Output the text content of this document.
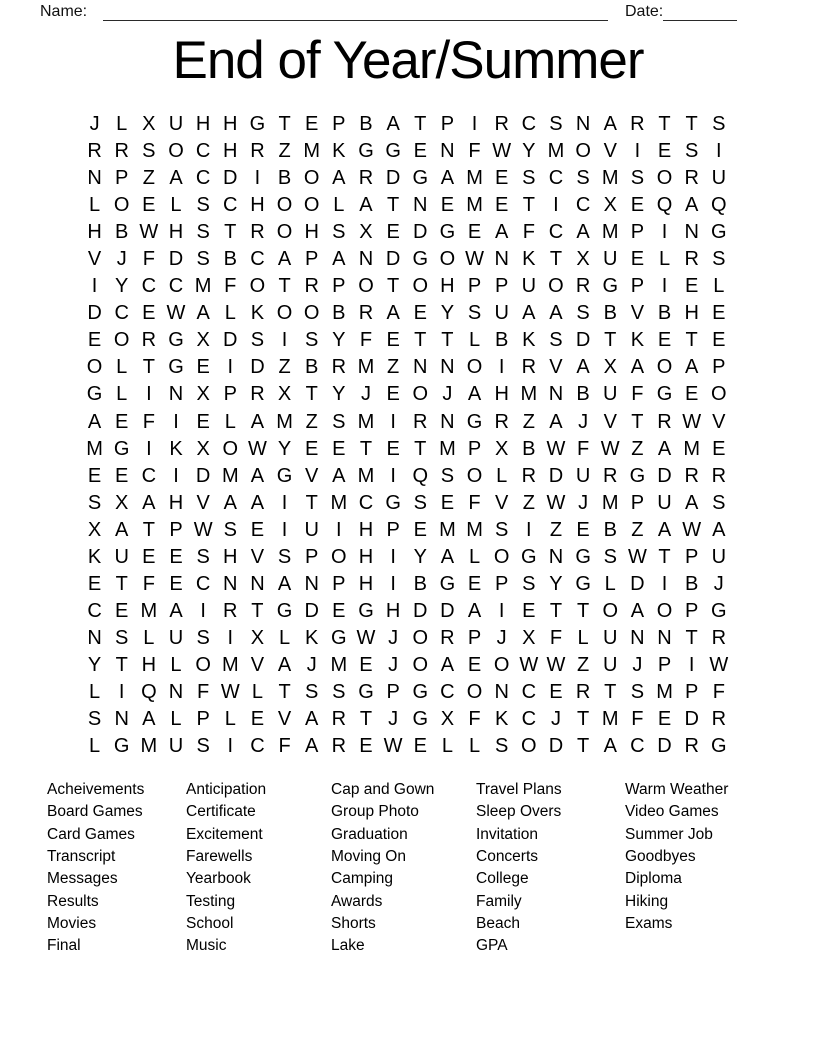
Name:	Date:
End of Year/Summer
J L X U H H G T E P B A T P I R C S N A R T T S
R R S O C H R Z M K G G E N F W Y M O V I E S I
N P Z A C D I B O A R D G A M E S C S M S O R U
L O E L S C H O O L A T N E M E T I C X E Q A Q
H B W H S T R O H S X E D G E A F C A M P I N G
V J F D S B C A P A N D G O W N K T X U E L R S
I Y C C M F O T R P O T O H P P U O R G P I E L
D C E W A L K O O B R A E Y S U A A S B V B H E
E O R G X D S I S Y F E T T L B K S D T K E T E
O L T G E I D Z B R M Z N N O I R V A X A O A P
G L I N X P R X T Y J E O J A H M N B U F G E O
A E F I E L A M Z S M I R N G R Z A J V T R W V
M G I K X O W Y E E T E T M P X B W F W Z A M E
E E C I D M A G V A M I Q S O L R D U R G D R R
S X A H V A A I T M C G S E F V Z W J M P U A S
X A T P W S E I U I H P E M M S I Z E B Z A W A
K U E E S H V S P O H I Y A L O G N G S W T P U
E T F E C N N A N P H I B G E P S Y G L D I B J
C E M A I R T G D E G H D D A I E T T O A O P G
N S L U S I X L K G W J O R P J X F L U N N T R
Y T H L O M V A J M E J O A E O W W Z U J P I W
L I Q N F W L T S S G P G C O N C E R T S M P F
S N A L P L E V A R T J G X F K C J T M F E D R
L G M U S I C F A R E W E L L S O D T A C D R G
Acheivements
Board Games
Card Games
Transcript
Messages
Results
Movies
Final
Anticipation
Certificate
Excitement
Farewells
Yearbook
Testing
School
Music
Cap and Gown
Group Photo
Graduation
Moving On
Camping
Awards
Shorts
Lake
Travel Plans
Sleep Overs
Invitation
Concerts
College
Family
Beach
GPA
Warm Weather
Video Games
Summer Job
Goodbyes
Diploma
Hiking
Exams
